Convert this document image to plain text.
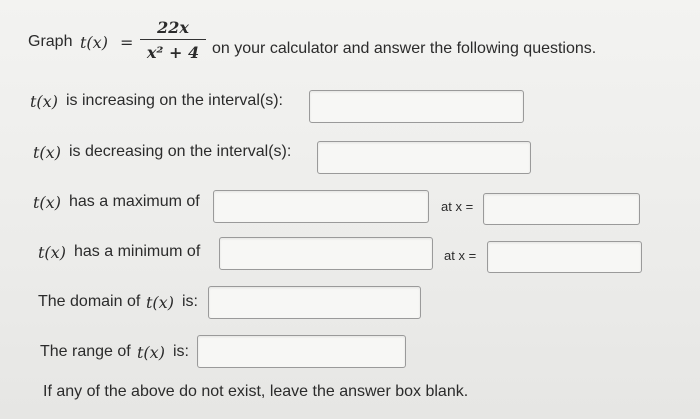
Graph t(x) =
22x
x² + 4 on your calculator and answer the following questions.
t(x) is increasing on the interval(s):
t(x) is decreasing on the interval(s):
t(x) has a maximum of	at x =
t(x) has a minimum of	at x =
The domain of t(x) is:
The range of t(x) is:
If any of the above do not exist, leave the answer box blank.
